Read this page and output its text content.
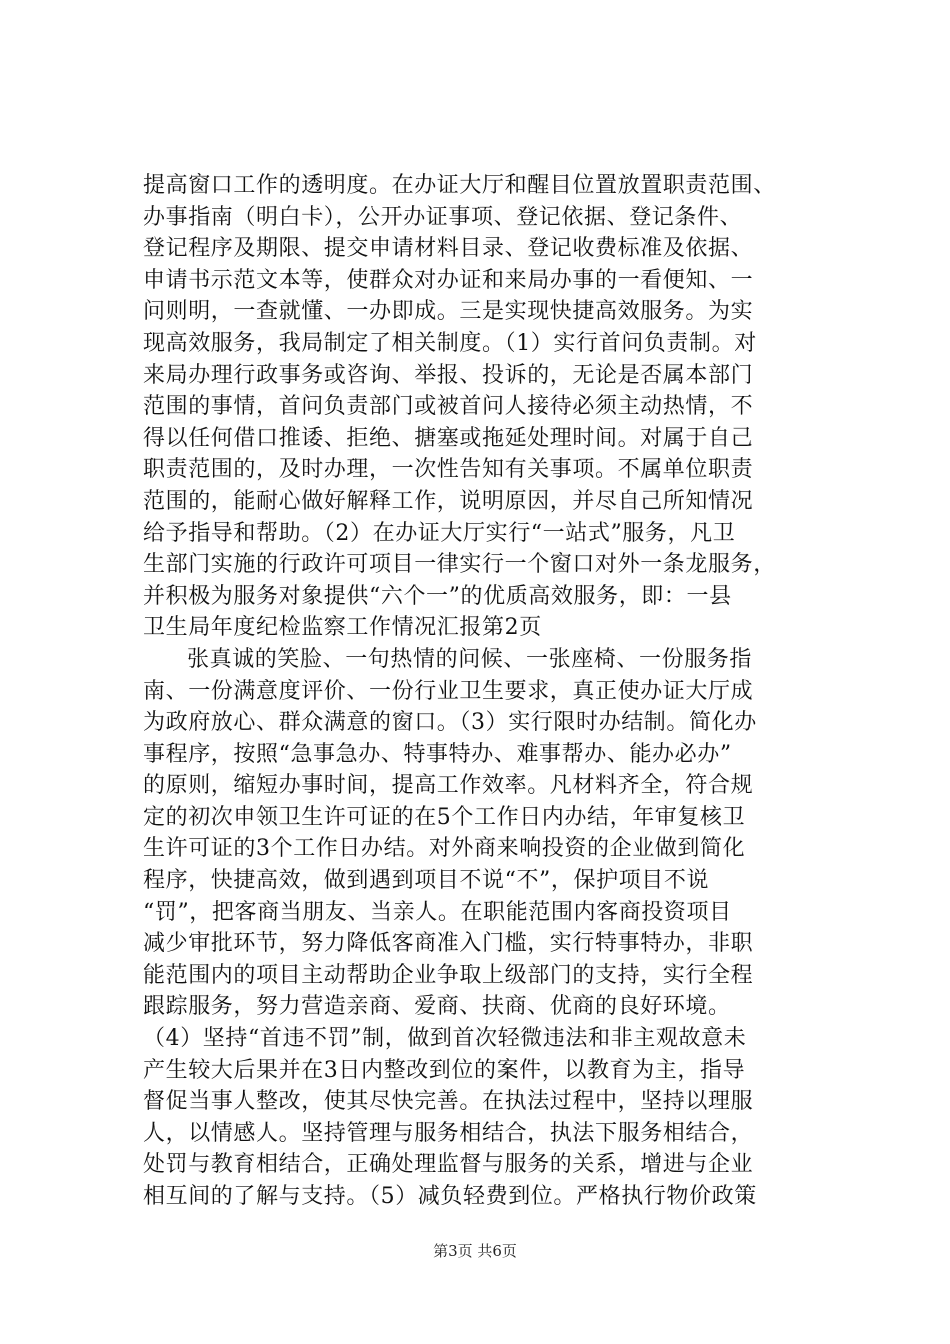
提高窗口工作的透明度。在办证大厅和醒目位置放置职责范围、
办事指南（明白卡），公开办证事项、登记依据、登记条件、
登记程序及期限、提交申请材料目录、登记收费标准及依据、
申请书示范文本等，使群众对办证和来局办事的一看便知、一
问则明，一查就懂、一办即成。三是实现快捷高效服务。为实
现高效服务，我局制定了相关制度。（1）实行首问负责制。对
来局办理行政事务或咨询、举报、投诉的，无论是否属本部门
范围的事情，首问负责部门或被首问人接待必须主动热情，不
得以任何借口推诿、拒绝、搪塞或拖延处理时间。对属于自己
职责范围的，及时办理，一次性告知有关事项。不属单位职责
范围的，能耐心做好解释工作，说明原因，并尽自己所知情况
给予指导和帮助。（2）在办证大厅实行“一站式”服务，凡卫
生部门实施的行政许可项目一律实行一个窗口对外一条龙服务，
并积极为服务对象提供“六个一”的优质高效服务，即：一县
卫生局年度纪检监察工作情况汇报第2页
张真诚的笑脸、一句热情的问候、一张座椅、一份服务指
南、一份满意度评价、一份行业卫生要求，真正使办证大厅成
为政府放心、群众满意的窗口。（3）实行限时办结制。简化办
事程序，按照“急事急办、特事特办、难事帮办、能办必办”
的原则，缩短办事时间，提高工作效率。凡材料齐全，符合规
定的初次申领卫生许可证的在5个工作日内办结，年审复核卫
生许可证的3个工作日办结。对外商来响投资的企业做到简化
程序，快捷高效，做到遇到项目不说“不”，保护项目不说
“罚”，把客商当朋友、当亲人。在职能范围内客商投资项目
减少审批环节，努力降低客商准入门槛，实行特事特办，非职
能范围内的项目主动帮助企业争取上级部门的支持，实行全程
跟踪服务，努力营造亲商、爱商、扶商、优商的良好环境。
（4）坚持“首违不罚”制，做到首次轻微违法和非主观故意未
产生较大后果并在3日内整改到位的案件，以教育为主，指导
督促当事人整改，使其尽快完善。在执法过程中，坚持以理服
人，以情感人。坚持管理与服务相结合，执法下服务相结合，
处罚与教育相结合，正确处理监督与服务的关系，增进与企业
相互间的了解与支持。（5）减负轻费到位。严格执行物价政策
第3页 共6页
